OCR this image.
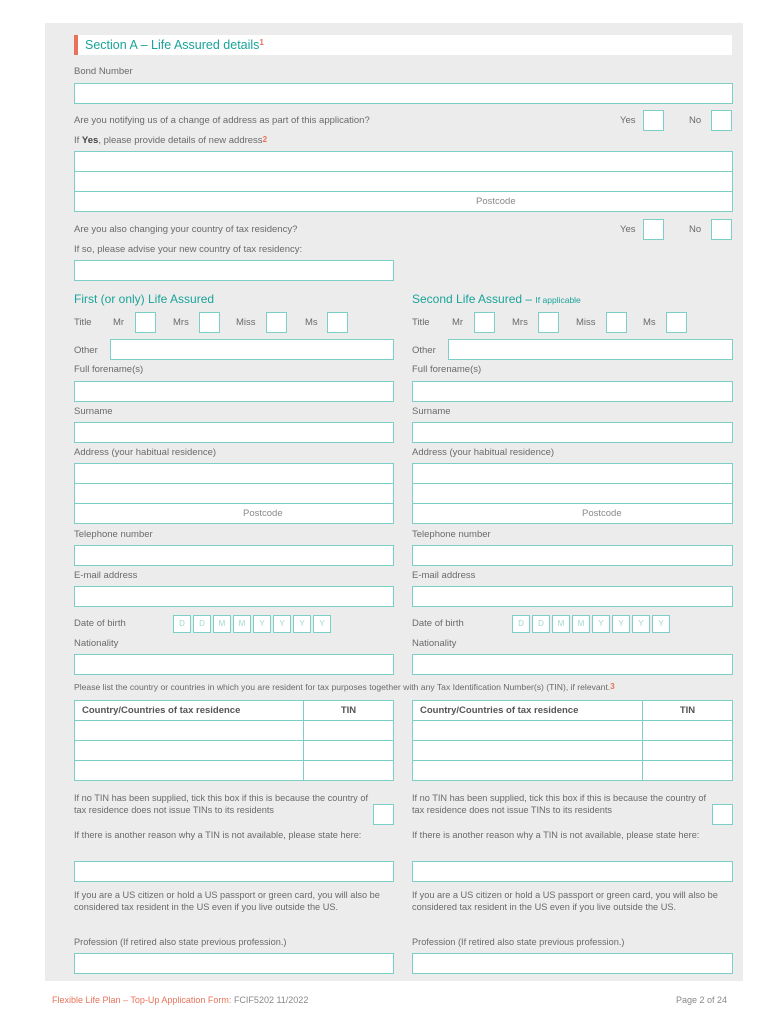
Section A – Life Assured details$^1$
Bond Number
Are you notifying us of a change of address as part of this application?	Yes	No
If Yes, please provide details of new address$^2$
Postcode
Are you also changing your country of tax residency?	Yes	No
If so, please advise your new country of tax residency:
First (or only) Life Assured
Title Mr	Mrs	Miss	Ms
Other
Full forename(s)
Surname
Address (your habitual residence)
Postcode
Telephone number
E-mail address
Date of birth	D	D	M	M	Y	Y	Y	Y
Nationality
Second Life Assured – If applicable
Title Mr	Mrs	Miss	Ms
Other
Full forename(s)
Surname
Address (your habitual residence)
Postcode
Telephone number
E-mail address
Date of birth	D	D	M	M	Y	Y	Y	Y
Nationality
Please list the country or countries in which you are resident for tax purposes together with any Tax Identification Number(s) (TIN), if relevant.3
Country/Countries of tax residence	TIN

		Country/Countries of tax residence	TIN

If no TIN has been supplied, tick this box if this is because the country of tax residence does not issue TINs to its residents
If no TIN has been supplied, tick this box if this is because the country of tax residence does not issue TINs to its residents
If there is another reason why a TIN is not available, please state here:	If there is another reason why a TIN is not available, please state here:
If you are a US citizen or hold a US passport or green card, you will also be considered tax resident in the US even if you live outside the US.
If you are a US citizen or hold a US passport or green card, you will also be considered tax resident in the US even if you live outside the US.
Profession (If retired also state previous profession.)	Profession (If retired also state previous profession.)
Flexible Life Plan – Top-Up Application Form: FCIF5202 11/2022	Page 2 of 24
